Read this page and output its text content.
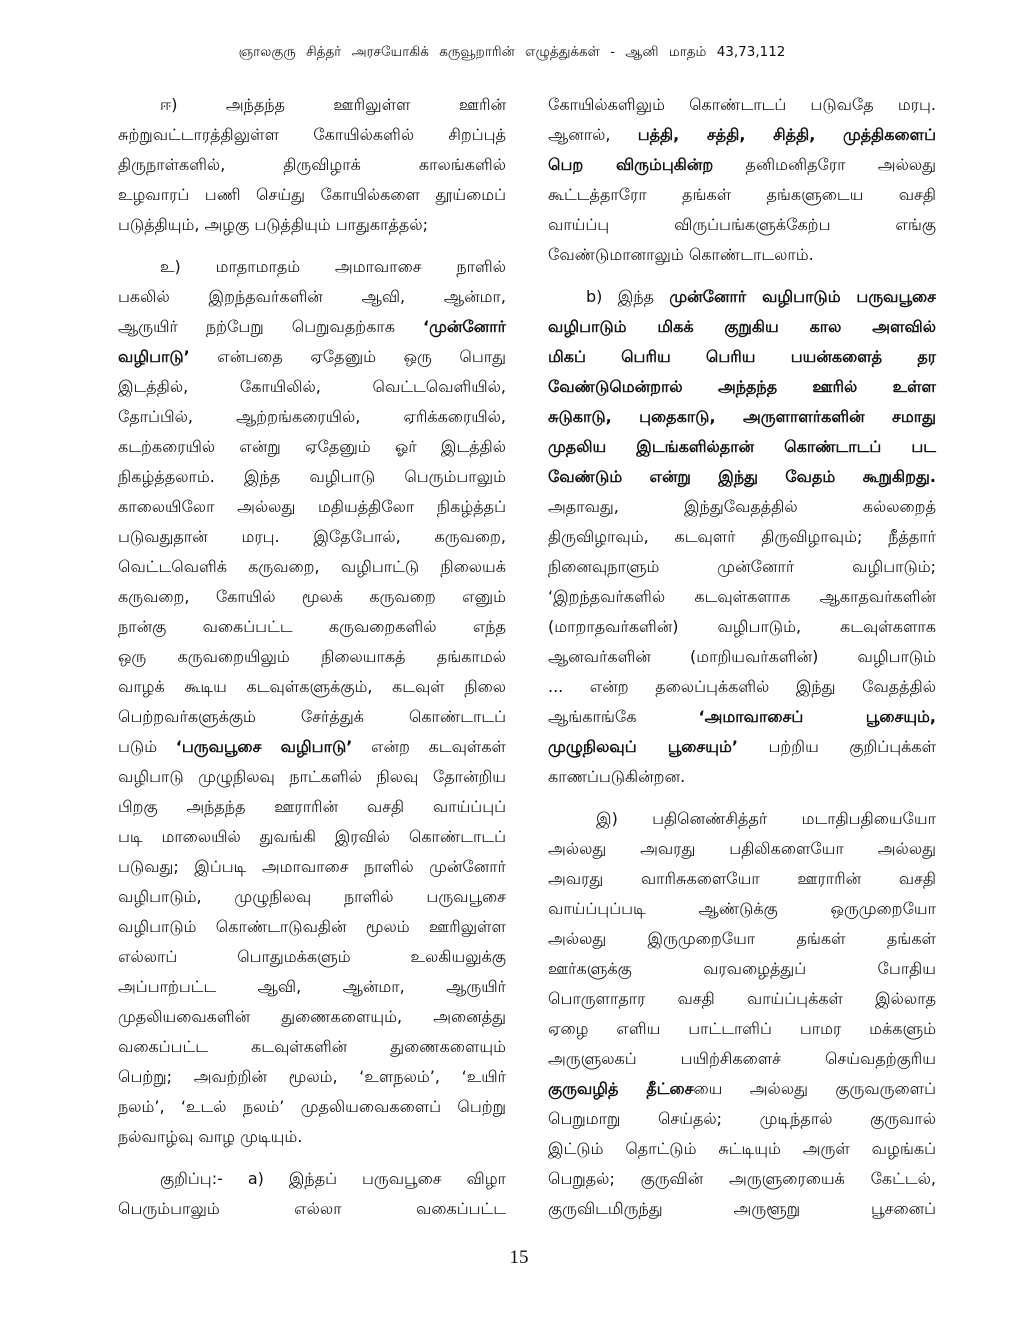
ஞாலகுரு சித்தர் அரசயோகிக் கருவூறாரின் எழுத்துக்கள் - ஆனி மாதம் 43,73,112
ஈ) அந்தந்த ஊரிலுள்ள ஊரின்
சுற்றுவட்டாரத்திலுள்ள கோயில்களில் சிறப்புத்
திருநாள்களில், திருவிழாக் காலங்களில்
உழவாரப் பணி செய்து கோயில்களை தூய்மைப்
படுத்தியும், அழகு படுத்தியும் பாதுகாத்தல்;
உ) மாதாமாதம் அமாவாசை நாளில்
பகலில் இறந்தவர்களின் ஆவி, ஆன்மா,
ஆருயிர் நற்பேறு பெறுவதற்காக ‘முன்னோர்
வழிபாடு’ என்பதை ஏதேனும் ஒரு பொது
இடத்தில், கோயிலில், வெட்டவெளியில்,
தோப்பில், ஆற்றங்கரையில், ஏரிக்கரையில்,
கடற்கரையில் என்று ஏதேனும் ஓர் இடத்தில்
நிகழ்த்தலாம். இந்த வழிபாடு பெரும்பாலும்
காலையிலோ அல்லது மதியத்திலோ நிகழ்த்தப்
படுவதுதான் மரபு. இதேபோல், கருவறை,
வெட்டவெளிக் கருவறை, வழிபாட்டு நிலையக்
கருவறை, கோயில் மூலக் கருவறை எனும்
நான்கு வகைப்பட்ட கருவறைகளில் எந்த
ஒரு கருவறையிலும் நிலையாகத் தங்காமல்
வாழக் கூடிய கடவுள்களுக்கும், கடவுள் நிலை
பெற்றவர்களுக்கும் சேர்த்துக் கொண்டாடப்
படும் ‘பருவபூசை வழிபாடு’ என்ற கடவுள்கள்
வழிபாடு முழுநிலவு நாட்களில் நிலவு தோன்றிய
பிறகு அந்தந்த ஊராரின் வசதி வாய்ப்புப்
படி மாலையில் துவங்கி இரவில் கொண்டாடப்
படுவது; இப்படி அமாவாசை நாளில் முன்னோர்
வழிபாடும், முழுநிலவு நாளில் பருவபூசை
வழிபாடும் கொண்டாடுவதின் மூலம் ஊரிலுள்ள
எல்லாப் பொதுமக்களும் உலகியலுக்கு
அப்பாற்பட்ட ஆவி, ஆன்மா, ஆருயிர்
முதலியவைகளின் துணைகளையும், அனைத்து
வகைப்பட்ட கடவுள்களின் துணைகளையும்
பெற்று; அவற்றின் மூலம், ‘உளநலம்’, ‘உயிர்
நலம்’, ‘உடல் நலம்’ முதலியவைகளைப் பெற்று
நல்வாழ்வு வாழ முடியும்.
குறிப்பு:- a) இந்தப் பருவபூசை விழா
பெரும்பாலும் எல்லா வகைப்பட்ட
கோயில்களிலும் கொண்டாடப் படுவதே மரபு.
ஆனால், பத்தி, சத்தி, சித்தி, முத்திகளைப்
பெற விரும்புகின்ற தனிமனிதரோ அல்லது
கூட்டத்தாரோ தங்கள் தங்களுடைய வசதி
வாய்ப்பு விருப்பங்களுக்கேற்ப எங்கு
வேண்டுமானாலும் கொண்டாடலாம்.
b) இந்த முன்னோர் வழிபாடும் பருவபூசை
வழிபாடும் மிகக் குறுகிய கால அளவில்
மிகப் பெரிய பெரிய பயன்களைத் தர
வேண்டுமென்றால் அந்தந்த ஊரில் உள்ள
சுடுகாடு, புதைகாடு, அருளாளர்களின் சமாது
முதலிய இடங்களில்தான் கொண்டாடப் பட
வேண்டும் என்று இந்து வேதம் கூறுகிறது.
அதாவது, இந்துவேதத்தில் கல்லறைத்
திருவிழாவும், கடவுளர் திருவிழாவும்; நீத்தார்
நினைவுநாளும் முன்னோர் வழிபாடும்;
‘இறந்தவர்களில் கடவுள்களாக ஆகாதவர்களின்
(மாறாதவர்களின்) வழிபாடும், கடவுள்களாக
ஆனவர்களின் (மாறியவர்களின்) வழிபாடும்
... என்ற தலைப்புக்களில் இந்து வேதத்தில்
ஆங்காங்கே ‘அமாவாசைப் பூசையும்,
முழுநிலவுப் பூசையும்’ பற்றிய குறிப்புக்கள்
காணப்படுகின்றன.
இ) பதினெண்சித்தர் மடாதிபதியையோ
அல்லது அவரது பதிலிகளையோ அல்லது
அவரது வாரிசுகளையோ ஊராரின் வசதி
வாய்ப்புப்படி ஆண்டுக்கு ஒருமுறையோ
அல்லது இருமுறையோ தங்கள் தங்கள்
ஊர்களுக்கு வரவழைத்துப் போதிய
பொருளாதார வசதி வாய்ப்புக்கள் இல்லாத
ஏழை எளிய பாட்டாளிப் பாமர மக்களும்
அருளுலகப் பயிற்சிகளைச் செய்வதற்குரிய
குருவழித் தீட்சையை அல்லது குருவருளைப்
பெறுமாறு செய்தல்; முடிந்தால் குருவால்
இட்டும் தொட்டும் சுட்டியும் அருள் வழங்கப்
பெறுதல்; குருவின் அருளுரையைக் கேட்டல்,
குருவிடமிருந்து அருளூறு பூசனைப்
15
